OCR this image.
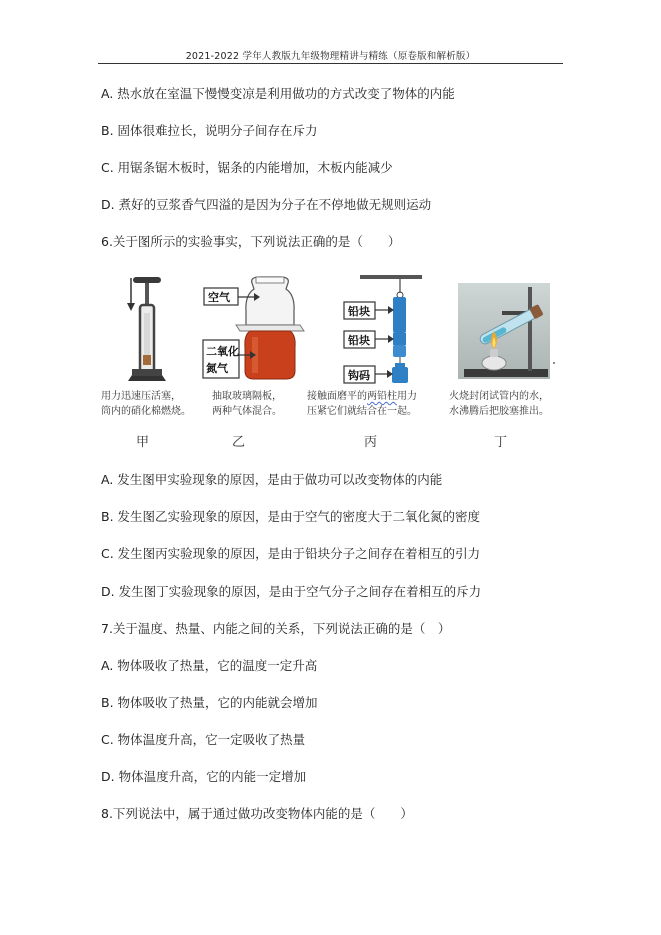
2021-2022 学年人教版九年级物理精讲与精练（原卷版和解析版）
A. 热水放在室温下慢慢变凉是利用做功的方式改变了物体的内能
B. 固体很难拉长，说明分子间存在斥力
C. 用锯条锯木板时，锯条的内能增加，木板内能减少
D. 煮好的豆浆香气四溢的是因为分子在不停地做无规则运动
6.关于图所示的实验事实，下列说法正确的是（　　）
用力迅速压活塞，
筒内的硝化棉燃烧。
甲
空气
二氧化
氮气
抽取玻璃隔板，
两种气体混合。
乙
铅块
铅块
钩码
接触面磨平的两铅柱用力
压紧它们就结合在一起。
丙
火烧封闭试管内的水，
水沸腾后把胶塞推出。
丁
A. 发生图甲实验现象的原因，是由于做功可以改变物体的内能
B. 发生图乙实验现象的原因，是由于空气的密度大于二氧化氮的密度
C. 发生图丙实验现象的原因，是由于铅块分子之间存在着相互的引力
D. 发生图丁实验现象的原因，是由于空气分子之间存在着相互的斥力
7.关于温度、热量、内能之间的关系，下列说法正确的是（　）
A. 物体吸收了热量，它的温度一定升高
B. 物体吸收了热量，它的内能就会增加
C. 物体温度升高，它一定吸收了热量
D. 物体温度升高，它的内能一定增加
8.下列说法中，属于通过做功改变物体内能的是（　　）
